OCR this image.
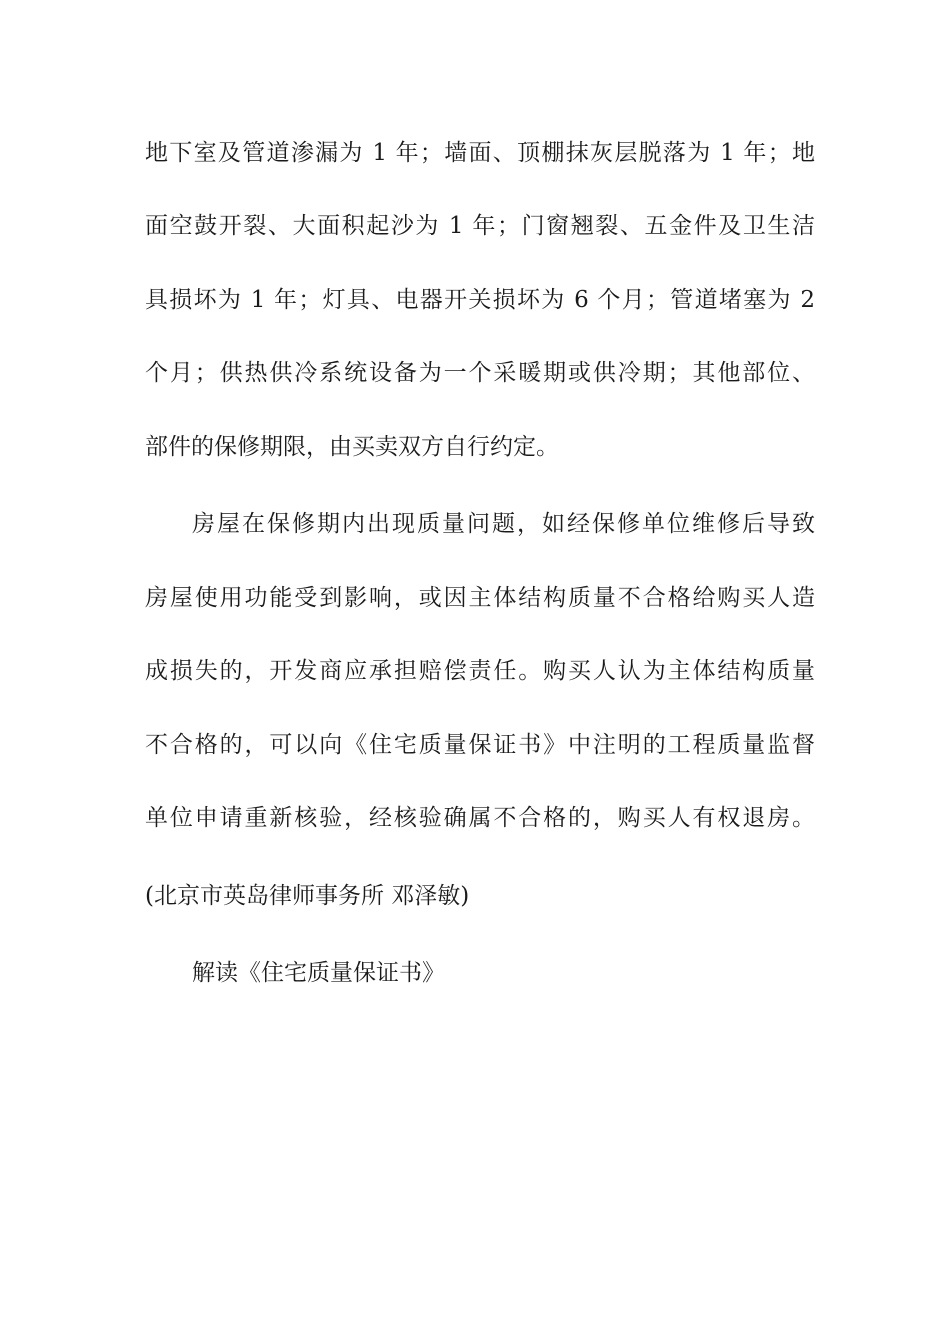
地下室及管道渗漏为 1 年；墙面、顶棚抹灰层脱落为 1 年；地
面空鼓开裂、大面积起沙为 1 年；门窗翘裂、五金件及卫生洁
具损坏为 1 年；灯具、电器开关损坏为 6 个月；管道堵塞为 2
个月；供热供冷系统设备为一个采暖期或供冷期；其他部位、
部件的保修期限，由买卖双方自行约定。
房屋在保修期内出现质量问题，如经保修单位维修后导致
房屋使用功能受到影响，或因主体结构质量不合格给购买人造
成损失的，开发商应承担赔偿责任。购买人认为主体结构质量
不合格的，可以向《住宅质量保证书》中注明的工程质量监督
单位申请重新核验，经核验确属不合格的，购买人有权退房。
(北京市英岛律师事务所 邓泽敏)
解读《住宅质量保证书》
